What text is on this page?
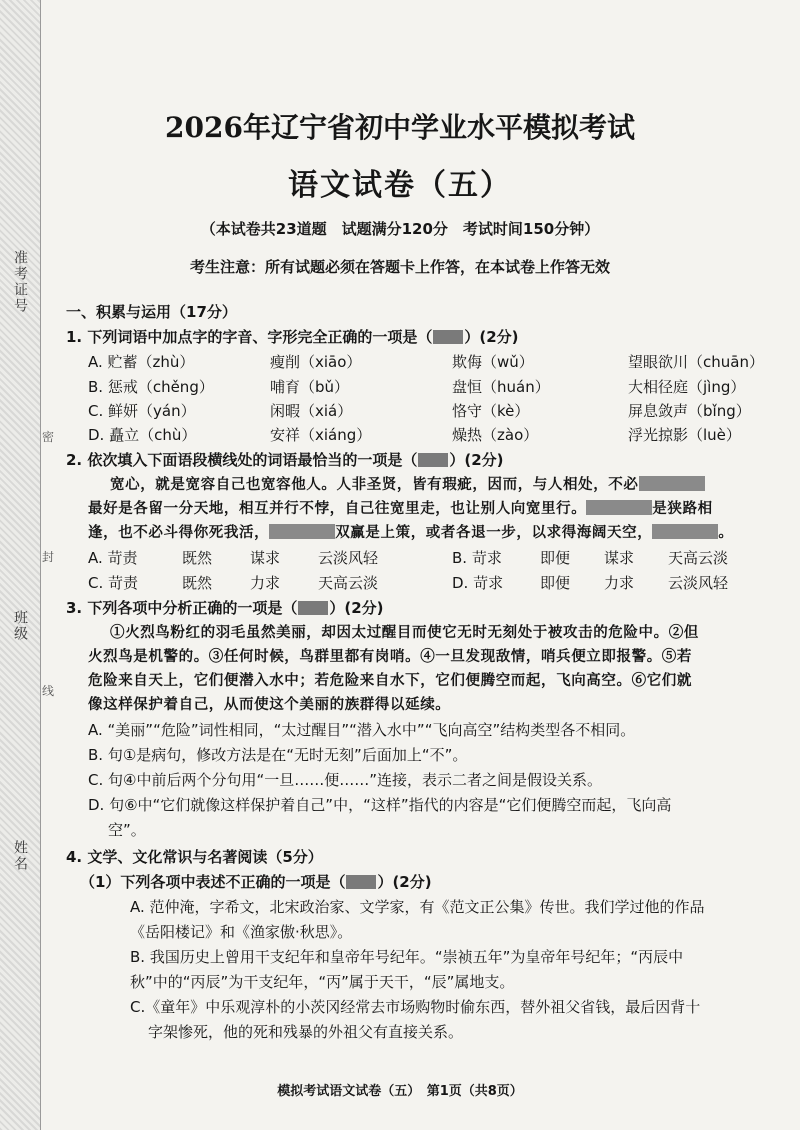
准考证号
班级
姓名
密
封
线
2026年辽宁省初中学业水平模拟考试
语文试卷（五）
（本试卷共23道题　试题满分120分　考试时间150分钟）
考生注意：所有试题必须在答题卡上作答，在本试卷上作答无效
一、积累与运用（17分）
1. 下列词语中加点字的字音、字形完全正确的一项是（ ）(2分)
A. 贮蓄（zhù）	瘦削（xiāo）	欺侮（wǔ）	望眼欲川（chuān）
B. 惩戒（chěng）	哺育（bǔ）	盘恒（huán）	大相径庭（jìng）
C. 鲜妍（yán）	闲暇（xiá）	恪守（kè）	屏息敛声（bǐng）
D. 矗立（chù）	安祥（xiáng）	燥热（zào）	浮光掠影（luè）
2. 依次填入下面语段横线处的词语最恰当的一项是（ ）(2分)
宽心，就是宽容自己也宽容他人。人非圣贤，皆有瑕疵，因而，与人相处，不必
最好是各留一分天地，相互并行不悖，自己往宽里走，也让别人向宽里行。	是狭路相
逢，也不必斗得你死我活，	双赢是上策，或者各退一步，以求得海阔天空，	。
A. 苛责	既然	谋求	云淡风轻	B. 苛求	即便 谋求 天高云淡
C. 苛责	既然	力求	天高云淡	D. 苛求 即便 力求 云淡风轻
3. 下列各项中分析正确的一项是（ ）(2分)
①火烈鸟粉红的羽毛虽然美丽，却因太过醒目而使它无时无刻处于被攻击的危险中。②但
火烈鸟是机警的。③任何时候，鸟群里都有岗哨。④一旦发现敌情，哨兵便立即报警。⑤若
危险来自天上，它们便潜入水中；若危险来自水下，它们便腾空而起，飞向高空。⑥它们就
像这样保护着自己，从而使这个美丽的族群得以延续。
A. “美丽”“危险”词性相同，“太过醒目”“潜入水中”“飞向高空”结构类型各不相同。
B. 句①是病句，修改方法是在“无时无刻”后面加上“不”。
C. 句④中前后两个分句用“一旦……便……”连接，表示二者之间是假设关系。
D. 句⑥中“它们就像这样保护着自己”中，“这样”指代的内容是“它们便腾空而起，飞向高
空”。
4. 文学、文化常识与名著阅读（5分）
（1）下列各项中表述不正确的一项是（ ）(2分)
A. 范仲淹，字希文，北宋政治家、文学家，有《范文正公集》传世。我们学过他的作品
《岳阳楼记》和《渔家傲·秋思》。
B. 我国历史上曾用干支纪年和皇帝年号纪年。“崇祯五年”为皇帝年号纪年；“丙辰中
秋”中的“丙辰”为干支纪年，“丙”属于天干，“辰”属地支。
C.《童年》中乐观淳朴的小茨冈经常去市场购物时偷东西，替外祖父省钱，最后因背十
字架惨死，他的死和残暴的外祖父有直接关系。
模拟考试语文试卷（五）　第1页（共8页）
